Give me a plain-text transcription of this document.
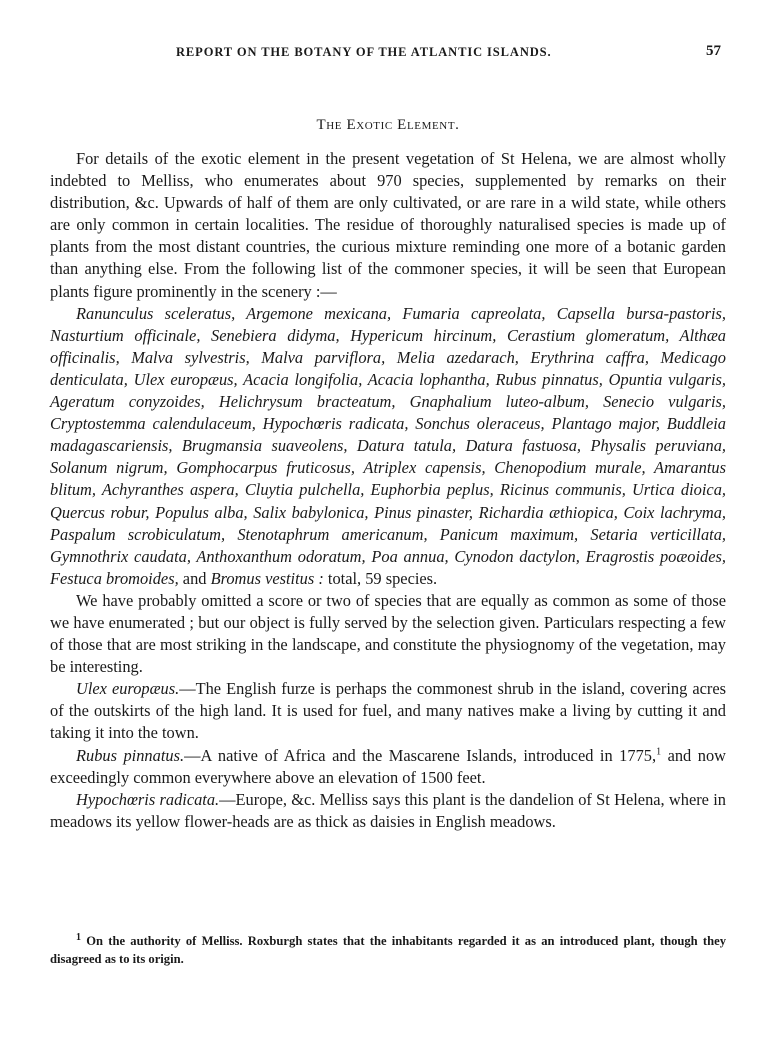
REPORT ON THE BOTANY OF THE ATLANTIC ISLANDS.	57
The Exotic Element.

For details of the exotic element in the present vegetation of St Helena, we are almost wholly indebted to Melliss, who enumerates about 970 species, supplemented by remarks on their distribution, &c. Upwards of half of them are only cultivated, or are rare in a wild state, while others are only common in certain localities. The residue of thoroughly naturalised species is made up of plants from the most distant countries, the curious mixture reminding one more of a botanic garden than anything else. From the following list of the commoner species, it will be seen that European plants figure prominently in the scenery :—

Ranunculus sceleratus, Argemone mexicana, Fumaria capreolata, Capsella bursa-pastoris, Nasturtium officinale, Senebiera didyma, Hypericum hircinum, Cerastium glomeratum, Althæa officinalis, Malva sylvestris, Malva parviflora, Melia azedarach, Erythrina caffra, Medicago denticulata, Ulex europæus, Acacia longifolia, Acacia lophantha, Rubus pinnatus, Opuntia vulgaris, Ageratum conyzoides, Helichrysum bracteatum, Gnaphalium luteo-album, Senecio vulgaris, Cryptostemma calendulaceum, Hypochœris radicata, Sonchus oleraceus, Plantago major, Buddleia madagascariensis, Brugmansia suaveolens, Datura tatula, Datura fastuosa, Physalis peruviana, Solanum nigrum, Gomphocarpus fruticosus, Atriplex capensis, Chenopodium murale, Amarantus blitum, Achyranthes aspera, Cluytia pulchella, Euphorbia peplus, Ricinus communis, Urtica dioica, Quercus robur, Populus alba, Salix babylonica, Pinus pinaster, Richardia æthiopica, Coix lachryma, Paspalum scrobiculatum, Stenotaphrum americanum, Panicum maximum, Setaria verticillata, Gymnothrix caudata, Anthoxanthum odoratum, Poa annua, Cynodon dactylon, Eragrostis poæoides, Festuca bromoides, and Bromus vestitus : total, 59 species.

We have probably omitted a score or two of species that are equally as common as some of those we have enumerated ; but our object is fully served by the selection given. Particulars respecting a few of those that are most striking in the landscape, and constitute the physiognomy of the vegetation, may be interesting.

Ulex europæus.—The English furze is perhaps the commonest shrub in the island, covering acres of the outskirts of the high land. It is used for fuel, and many natives make a living by cutting it and taking it into the town.

Rubus pinnatus.—A native of Africa and the Mascarene Islands, introduced in 1775,$^1$ and now exceedingly common everywhere above an elevation of 1500 feet.

Hypochœris radicata.—Europe, &c. Melliss says this plant is the dandelion of St Helena, where in meadows its yellow flower-heads are as thick as daisies in English meadows.

$^1$ On the authority of Melliss. Roxburgh states that the inhabitants regarded it as an introduced plant, though they disagreed as to its origin.
